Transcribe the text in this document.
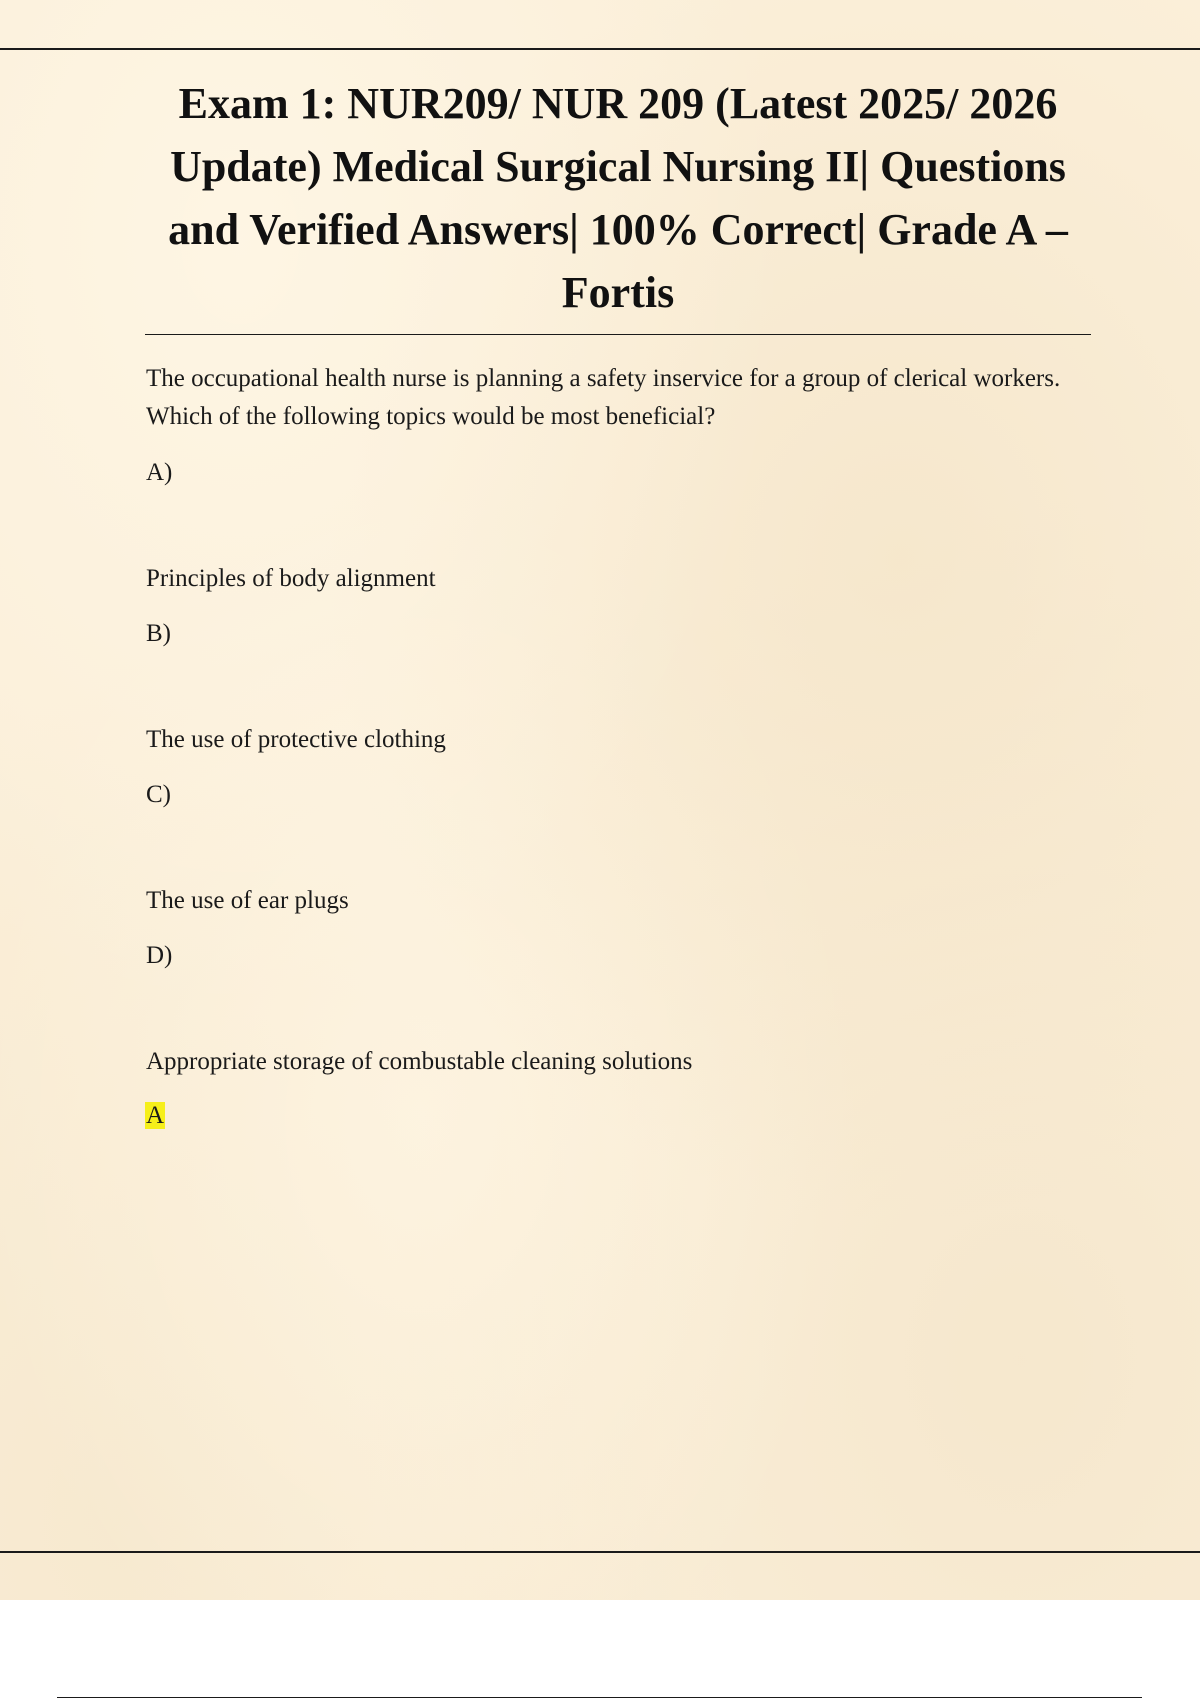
Exam 1: NUR209/ NUR 209 (Latest 2025/ 2026 Update) Medical Surgical Nursing II| Questions and Verified Answers| 100% Correct| Grade A – Fortis

The occupational health nurse is planning a safety inservice for a group of clerical workers. Which of the following topics would be most beneficial?

A)

Principles of body alignment

B)

The use of protective clothing

C)

The use of ear plugs

D)

Appropriate storage of combustable cleaning solutions

A
